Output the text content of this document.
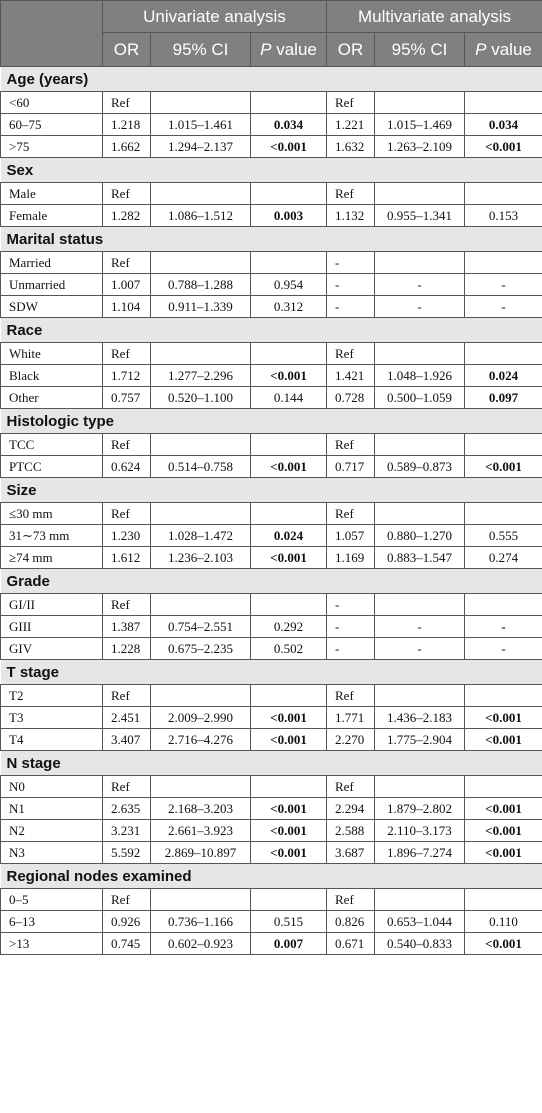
	Univariate analysis			Multivariate analysis		
	OR	95% CI	P value	OR	95% CI	P value
Age (years)						
<60	Ref			Ref		
60–75	1.218	1.015–1.461	0.034	1.221	1.015–1.469	0.034
>75	1.662	1.294–2.137	<0.001	1.632	1.263–2.109	<0.001
Sex						
Male	Ref			Ref		
Female	1.282	1.086–1.512	0.003	1.132	0.955–1.341	0.153
Marital status						
Married	Ref			-		
Unmarried	1.007	0.788–1.288	0.954	-	-	-
SDW	1.104	0.911–1.339	0.312	-	-	-
Race						
White	Ref			Ref		
Black	1.712	1.277–2.296	<0.001	1.421	1.048–1.926	0.024
Other	0.757	0.520–1.100	0.144	0.728	0.500–1.059	0.097
Histologic type						
TCC	Ref			Ref		
PTCC	0.624	0.514–0.758	<0.001	0.717	0.589–0.873	<0.001
Size						
≤30 mm	Ref			Ref		
31∼73 mm	1.230	1.028–1.472	0.024	1.057	0.880–1.270	0.555
≥74 mm	1.612	1.236–2.103	<0.001	1.169	0.883–1.547	0.274
Grade						
GI/II	Ref			-		
GIII	1.387	0.754–2.551	0.292	-	-	-
GIV	1.228	0.675–2.235	0.502	-	-	-
T stage						
T2	Ref			Ref		
T3	2.451	2.009–2.990	<0.001	1.771	1.436–2.183	<0.001
T4	3.407	2.716–4.276	<0.001	2.270	1.775–2.904	<0.001
N stage						
N0	Ref			Ref		
N1	2.635	2.168–3.203	<0.001	2.294	1.879–2.802	<0.001
N2	3.231	2.661–3.923	<0.001	2.588	2.110–3.173	<0.001
N3	5.592	2.869–10.897	<0.001	3.687	1.896–7.274	<0.001
Regional nodes examined						
0–5	Ref			Ref		
6–13	0.926	0.736–1.166	0.515	0.826	0.653–1.044	0.110
>13	0.745	0.602–0.923	0.007	0.671	0.540–0.833	<0.001
